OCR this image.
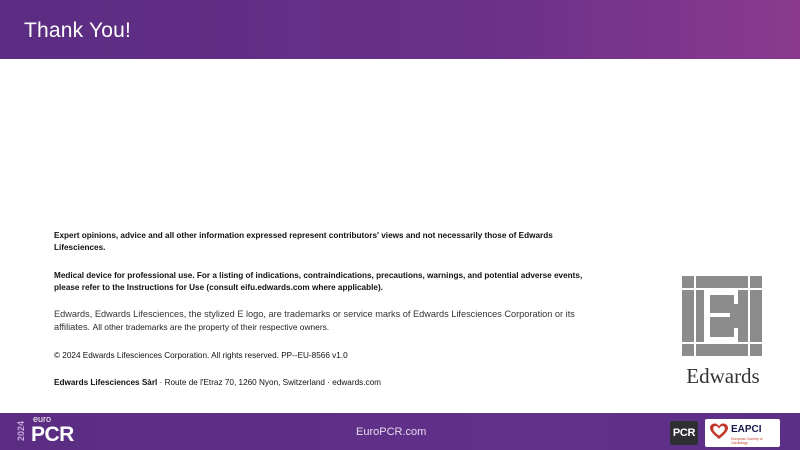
Thank You!
Expert opinions, advice and all other information expressed represent contributors' views and not necessarily those of Edwards Lifesciences.
Medical device for professional use. For a listing of indications, contraindications, precautions, warnings, and potential adverse events, please refer to the Instructions for Use (consult eifu.edwards.com where applicable).
Edwards, Edwards Lifesciences, the stylized E logo, are trademarks or service marks of Edwards Lifesciences Corporation or its affiliates. All other trademarks are the property of their respective owners.
© 2024 Edwards Lifesciences Corporation. All rights reserved. PP--EU-8566 v1.0
Edwards Lifesciences Sàrl · Route de l'Etraz 70, 1260 Nyon, Switzerland · edwards.com	Edwards
2024
euro
PCR	EuroPCR.com	PCR	EAPCI
European Society of Cardiology
